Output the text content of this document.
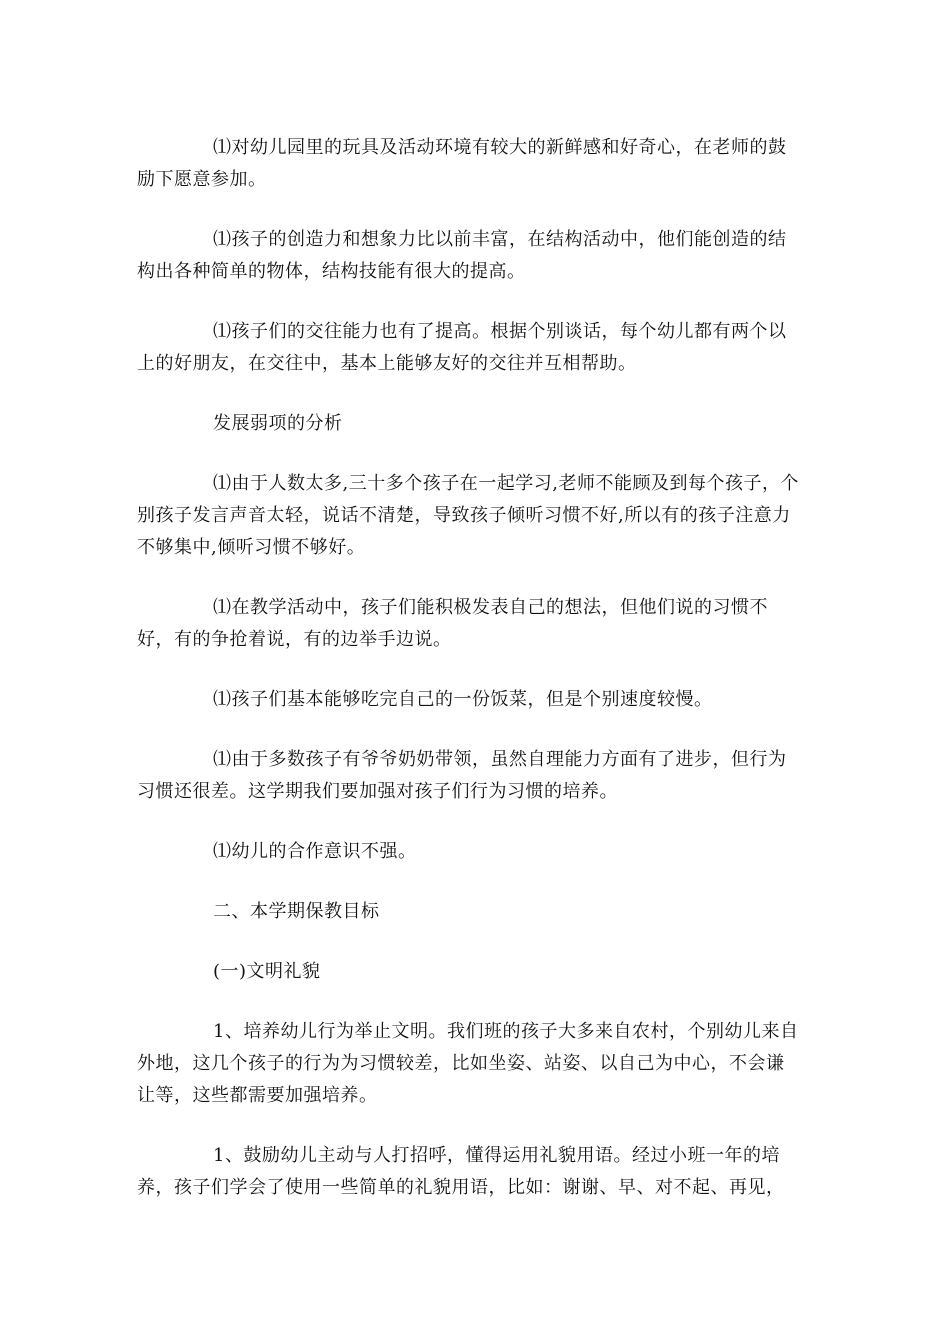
⑴对幼儿园里的玩具及活动环境有较大的新鲜感和好奇心，在老师的鼓励下愿意参加。

⑴孩子的创造力和想象力比以前丰富，在结构活动中，他们能创造的结构出各种简单的物体，结构技能有很大的提高。

⑴孩子们的交往能力也有了提高。根据个别谈话，每个幼儿都有两个以上的好朋友，在交往中，基本上能够友好的交往并互相帮助。

发展弱项的分析

⑴由于人数太多,三十多个孩子在一起学习,老师不能顾及到每个孩子，个别孩子发言声音太轻，说话不清楚，导致孩子倾听习惯不好,所以有的孩子注意力不够集中,倾听习惯不够好。

⑴在教学活动中，孩子们能积极发表自己的想法，但他们说的习惯不好，有的争抢着说，有的边举手边说。

⑴孩子们基本能够吃完自己的一份饭菜，但是个别速度较慢。

⑴由于多数孩子有爷爷奶奶带领，虽然自理能力方面有了进步，但行为习惯还很差。这学期我们要加强对孩子们行为习惯的培养。

⑴幼儿的合作意识不强。

二、本学期保教目标

(一)文明礼貌

1、培养幼儿行为举止文明。我们班的孩子大多来自农村，个别幼儿来自外地，这几个孩子的行为为习惯较差，比如坐姿、站姿、以自己为中心，不会谦让等，这些都需要加强培养。

1、鼓励幼儿主动与人打招呼，懂得运用礼貌用语。经过小班一年的培养，孩子们学会了使用一些简单的礼貌用语，比如：谢谢、早、对不起、再见，
